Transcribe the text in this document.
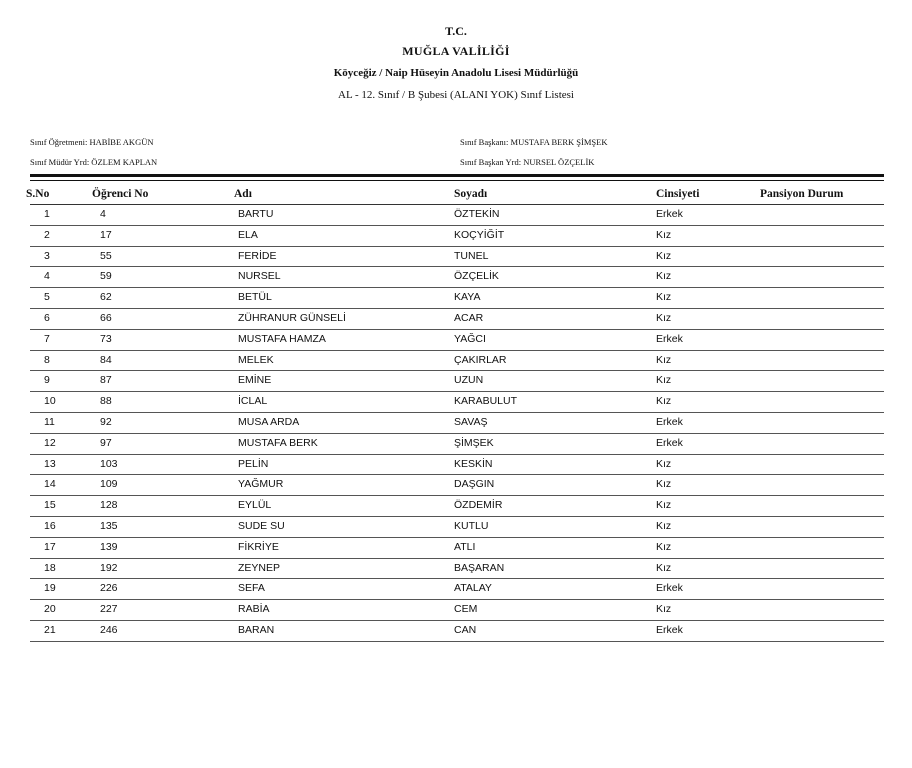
T.C.
MUĞLA VALİLİĞİ
Köyceğiz / Naip Hüseyin Anadolu Lisesi Müdürlüğü
AL - 12. Sınıf / B Şubesi (ALANI YOK) Sınıf Listesi
Sınıf Öğretmeni: HABİBE AKGÜN
Sınıf Müdür Yrd: ÖZLEM KAPLAN
Sınıf Başkanı: MUSTAFA BERK ŞİMŞEK
Sınıf Başkan Yrd: NURSEL ÖZÇELİK
S.No	Öğrenci No	Adı	Soyadı	Cinsiyeti	Pansiyon Durum
1	4	BARTU	ÖZTEKİN	Erkek
2	17	ELA	KOÇYİĞİT	Kız
3	55	FERİDE	TUNEL	Kız
4	59	NURSEL	ÖZÇELİK	Kız
5	62	BETÜL	KAYA	Kız
6	66	ZÜHRANUR GÜNSELİ	ACAR	Kız
7	73	MUSTAFA HAMZA	YAĞCI	Erkek
8	84	MELEK	ÇAKIRLAR	Kız
9	87	EMİNE	UZUN	Kız
10	88	İCLAL	KARABULUT	Kız
11	92	MUSA ARDA	SAVAŞ	Erkek
12	97	MUSTAFA BERK	ŞİMŞEK	Erkek
13	103	PELİN	KESKİN	Kız
14	109	YAĞMUR	DAŞGIN	Kız
15	128	EYLÜL	ÖZDEMİR	Kız
16	135	SUDE SU	KUTLU	Kız
17	139	FİKRİYE	ATLI	Kız
18	192	ZEYNEP	BAŞARAN	Kız
19	226	SEFA	ATALAY	Erkek
20	227	RABİA	CEM	Kız
21	246	BARAN	CAN	Erkek
